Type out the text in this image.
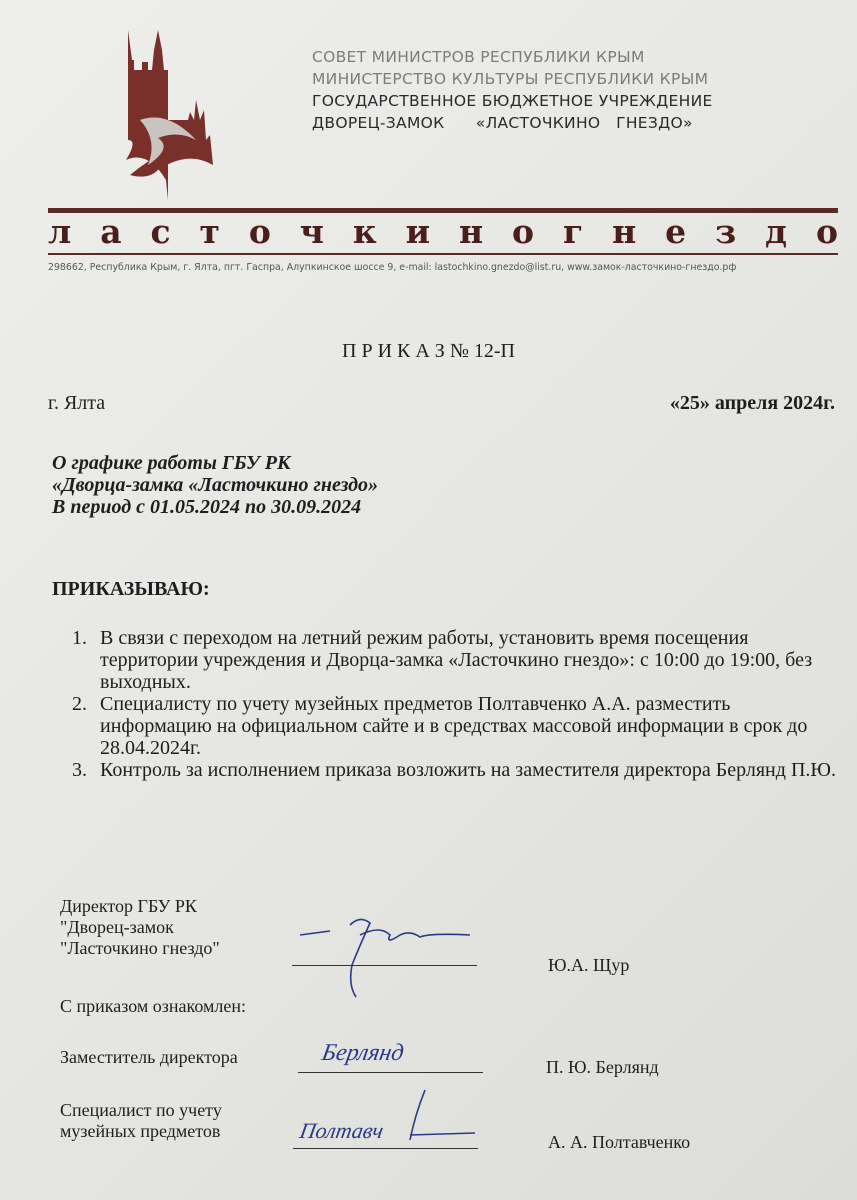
СОВЕТ МИНИСТРОВ РЕСПУБЛИКИ КРЫМ
МИНИСТЕРСТВО КУЛЬТУРЫ РЕСПУБЛИКИ КРЫМ
ГОСУДАРСТВЕННОЕ БЮДЖЕТНОЕ УЧРЕЖДЕНИЕ
ДВОРЕЦ-ЗАМОК      «ЛАСТОЧКИНО   ГНЕЗДО»
л а с т о ч к и н о г н е з д о
298662, Республика Крым, г. Ялта, пгт. Гаспра, Алупкинское шоссе 9, e-mail: lastochkino.gnezdo@list.ru, www.замок-ласточкино-гнездо.рф
П Р И К А З № 12-П
г. Ялта	«25» апреля 2024г.
О графике работы ГБУ РК
«Дворца-замка «Ласточкино гнездо»
В период с 01.05.2024 по 30.09.2024
ПРИКАЗЫВАЮ:
1. В связи с переходом на летний режим работы, установить время посещения территории учреждения и Дворца-замка «Ласточкино гнездо»: с 10:00 до 19:00, без выходных.
2. Специалисту по учету музейных предметов Полтавченко А.А. разместить информацию на официальном сайте и в средствах массовой информации в срок до 28.04.2024г.
3. Контроль за исполнением приказа возложить на заместителя директора Берлянд П.Ю.
Директор ГБУ РК
"Дворец-замок
"Ласточкино гнездо"
Ю.А. Щур
С приказом ознакомлен:
Заместитель директора	Берлянд
П. Ю. Берлянд
Специалист по учету
музейных предметов	Полтавч	А. А. Полтавченко
